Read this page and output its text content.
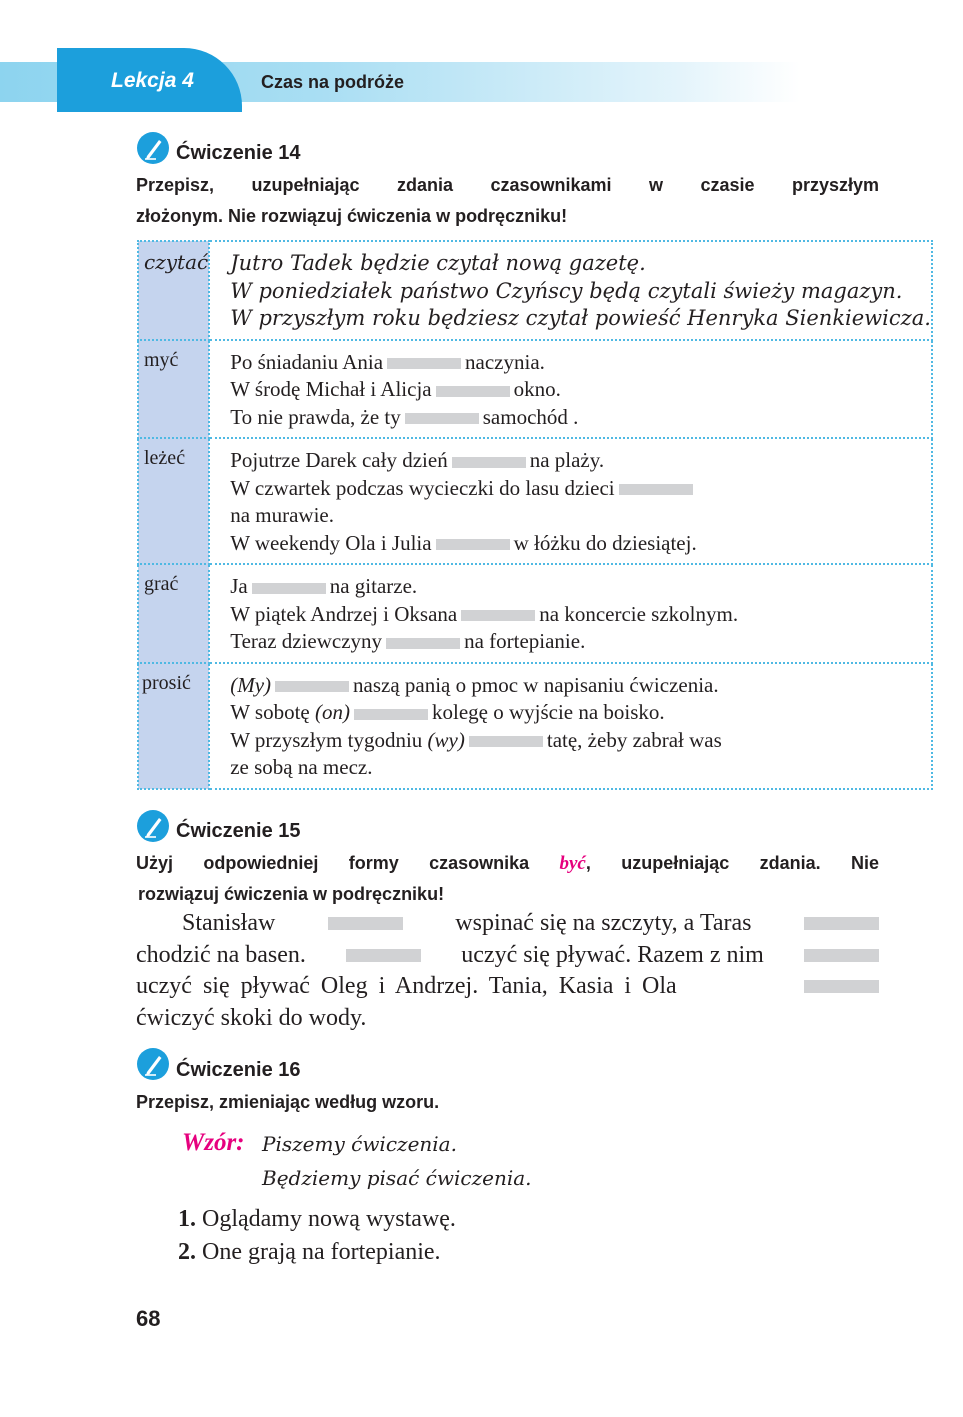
Lekcja 4	Czas na podróże
Ćwiczenie 14
Przepisz, uzupełniając zdania czasownikami w czasie przyszłym
złożonym. Nie rozwiązuj ćwiczenia w podręczniku!
czytać	Jutro Tadek będzie czytał nową gazetę.
W poniedziałek państwo Czyńscy będą czytali świeży magazyn.
W przyszłym roku będziesz czytał powieść Henryka Sienkiewicza.

myć	Po śniadaniu Ania naczynia.
W środę Michał i Alicja okno.
To nie prawda, że ty samochód .

leżeć	Pojutrze Darek cały dzień na plaży.
W czwartek podczas wycieczki do lasu dzieci
na murawie.
W weekendy Ola i Julia w łóżku do dziesiątej.

grać	Ja na gitarze.
W piątek Andrzej i Oksana na koncercie szkolnym.
Teraz dziewczyny na fortepianie.

prosić	(My) naszą panią o pmoc w napisaniu ćwiczenia.
W sobotę (on) kolegę o wyjście na boisko.
W przyszłym tygodniu (wy) tatę, żeby zabrał was
ze sobą na mecz.
Ćwiczenie 15
Użyj odpowiedniej formy czasownika być, uzupełniając zdania. Nie
rozwiązuj ćwiczenia w podręczniku!
Stanisław	wspinać się na szczyty, a Taras
chodzić na basen.	uczyć się pływać. Razem z nim
uczyć się pływać Oleg i Andrzej. Tania, Kasia i Ola
ćwiczyć skoki do wody.
Ćwiczenie 16
Przepisz, zmieniając według wzoru.
Wzór: Piszemy ćwiczenia.
Będziemy pisać ćwiczenia.
1. Oglądamy nową wystawę.
2. One grają na fortepianie.
68
